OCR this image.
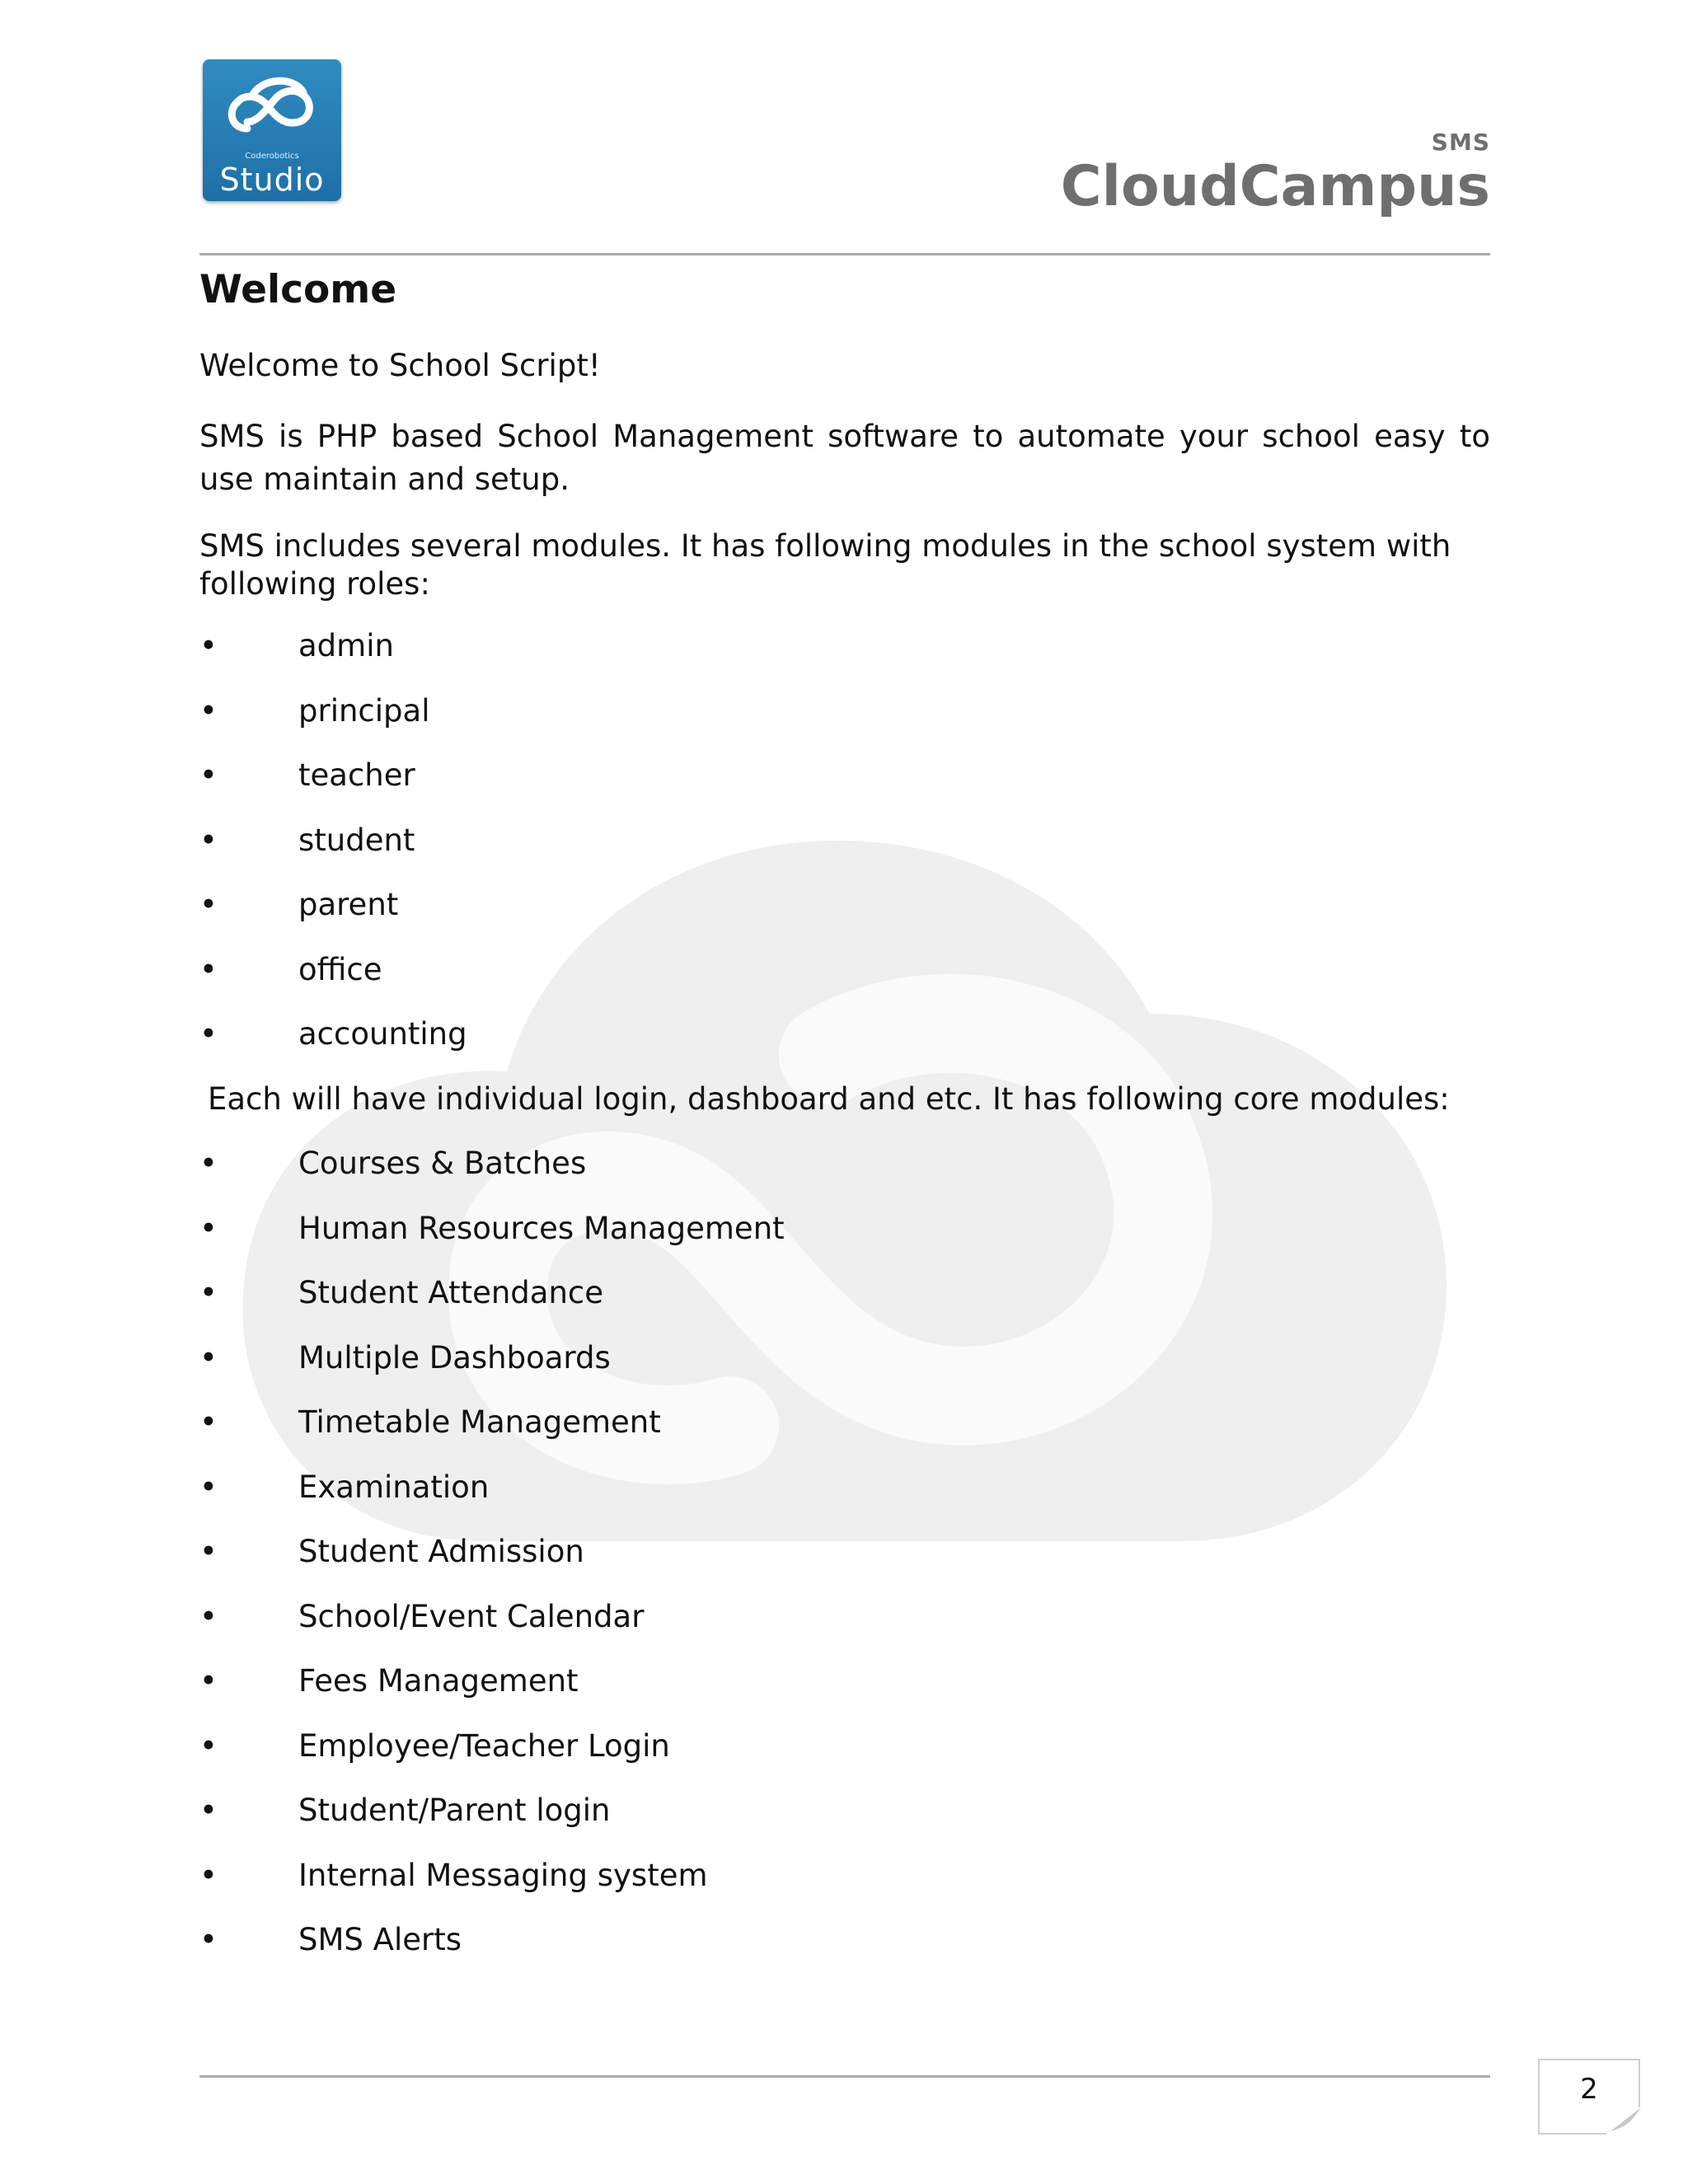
Coderobotics
Studio
SMS
CloudCampus
Welcome

Welcome to School Script!

SMS is PHP based School Management software to automate your school easy to use maintain and setup.

SMS includes several modules. It has following modules in the school system with following roles:

•	admin
•	principal
•	teacher
•	student
•	parent
•	office
•	accounting

Each will have individual login, dashboard and etc. It has following core modules:

•	Courses & Batches
•	Human Resources Management
•	Student Attendance
•	Multiple Dashboards
•	Timetable Management
•	Examination
•	Student Admission
•	School/Event Calendar
•	Fees Management
•	Employee/Teacher Login
•	Student/Parent login
•	Internal Messaging system
•	SMS Alerts
2
